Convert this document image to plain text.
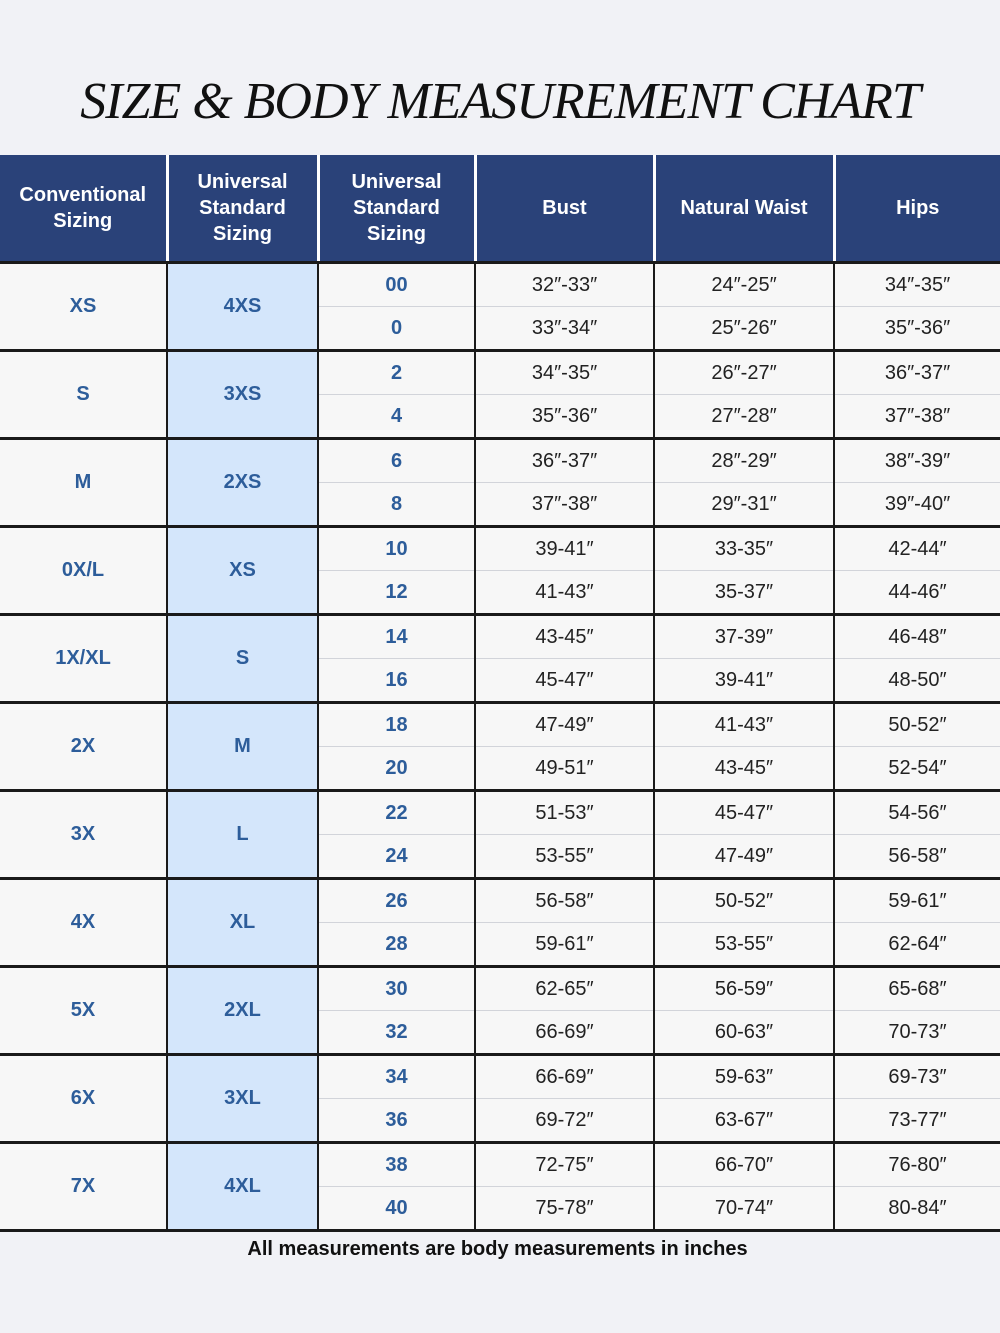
SIZE & BODY MEASUREMENT CHART
Conventional Sizing	Universal Standard Sizing	Universal Standard Sizing	Bust	Natural Waist	Hips
XS	4XS	00	32″-33″	24″-25″	34″-35″
		0	33″-34″	25″-26″	35″-36″
S	3XS	2	34″-35″	26″-27″	36″-37″
		4	35″-36″	27″-28″	37″-38″
M	2XS	6	36″-37″	28″-29″	38″-39″
		8	37″-38″	29″-31″	39″-40″
0X/L	XS	10	39-41″	33-35″	42-44″
		12	41-43″	35-37″	44-46″
1X/XL	S	14	43-45″	37-39″	46-48″
		16	45-47″	39-41″	48-50″
2X	M	18	47-49″	41-43″	50-52″
		20	49-51″	43-45″	52-54″
3X	L	22	51-53″	45-47″	54-56″
		24	53-55″	47-49″	56-58″
4X	XL	26	56-58″	50-52″	59-61″
		28	59-61″	53-55″	62-64″
5X	2XL	30	62-65″	56-59″	65-68″
		32	66-69″	60-63″	70-73″
6X	3XL	34	66-69″	59-63″	69-73″
		36	69-72″	63-67″	73-77″
7X	4XL	38	72-75″	66-70″	76-80″
		40	75-78″	70-74″	80-84″
All measurements are body measurements in inches
